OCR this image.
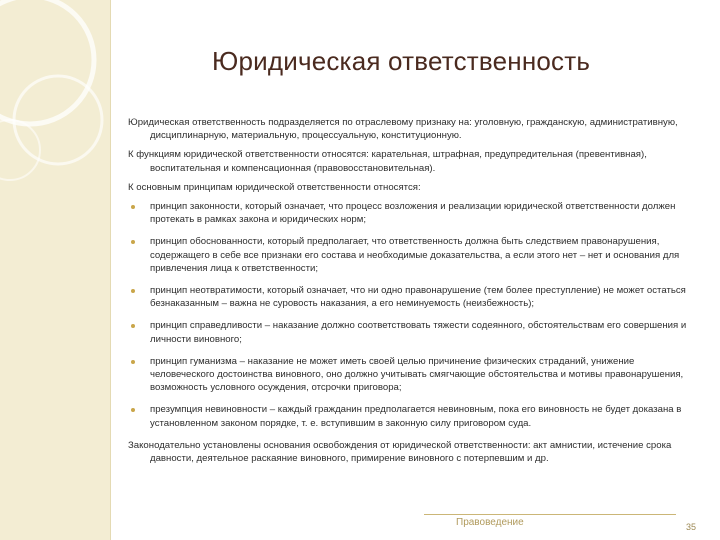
Юридическая ответственность

Юридическая ответственность подразделяется по отраслевому признаку на: уголовную, гражданскую, административную, дисциплинарную, материальную, процессуальную, конституционную.

К функциям юридической ответственности относятся: карательная, штрафная, предупредительная (превентивная), воспитательная и компенсационная (правовосстановительная).

К основным принципам юридической ответственности относятся:

принцип законности, который означает, что процесс возложения и реализации юридической ответственности должен протекать в рамках закона и юридических норм;
принцип обоснованности, который предполагает, что ответственность должна быть следствием правонарушения, содержащего в себе все признаки его состава и необходимые доказательства, а если этого нет – нет и основания для привлечения лица к ответственности;
принцип неотвратимости, который означает, что ни одно правонарушение (тем более преступление) не может остаться безнаказанным – важна не суровость наказания, а его неминуемость (неизбежность);
принцип справедливости – наказание должно соответствовать тяжести содеянного, обстоятельствам его совершения и личности виновного;
принцип гуманизма – наказание не может иметь своей целью причинение физических страданий, унижение человеческого достоинства виновного, оно должно учитывать смягчающие обстоятельства и мотивы правонарушения, возможность условного осуждения, отсрочки приговора;
презумпция невиновности – каждый гражданин предполагается невиновным, пока его виновность не будет доказана в установленном законом порядке, т. е. вступившим в законную силу приговором суда.

Законодательно установлены основания освобождения от юридической ответственности: акт амнистии, истечение срока давности, деятельное раскаяние виновного, примирение виновного с потерпевшим и др.

Правоведение	35
